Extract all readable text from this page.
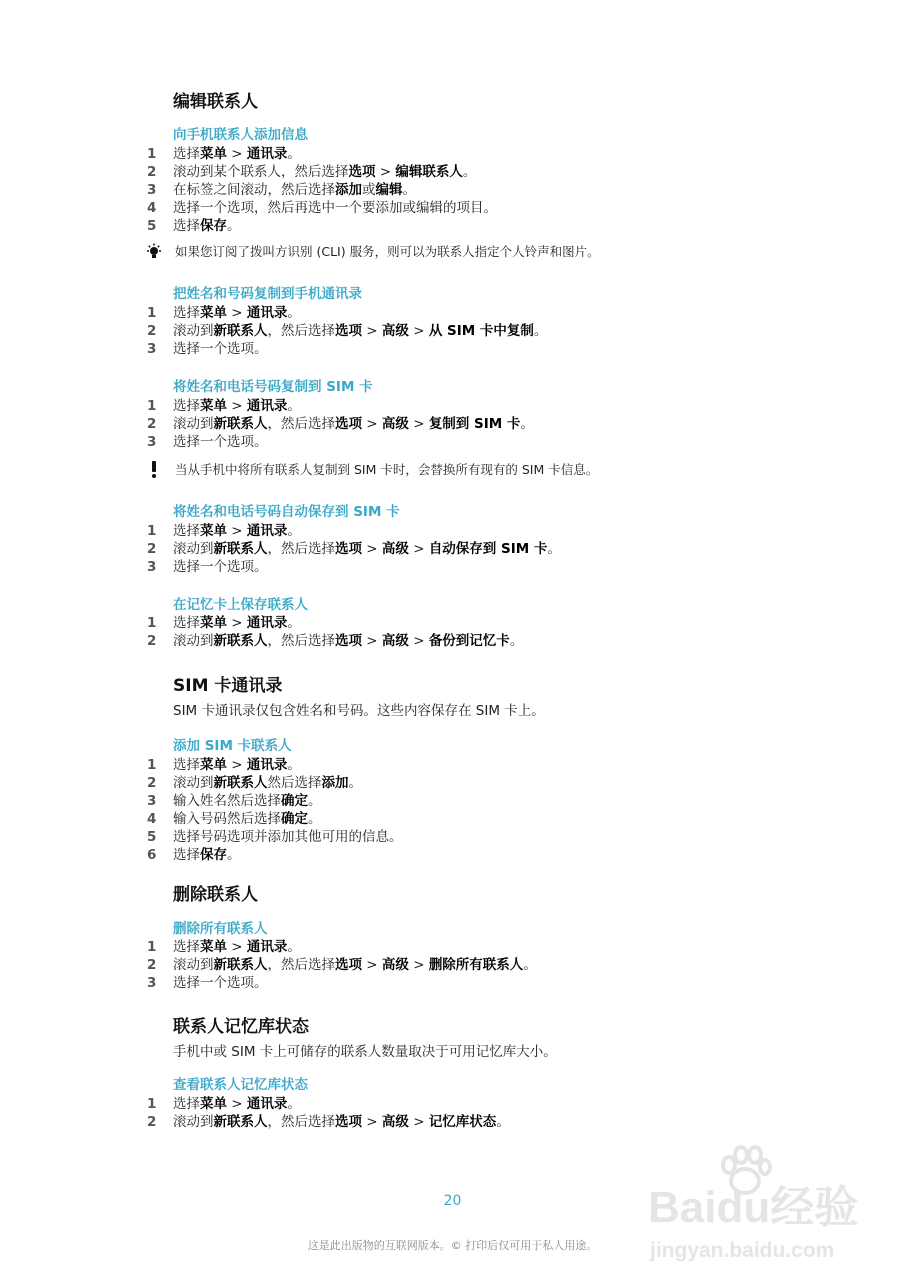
编辑联系人
向手机联系人添加信息
1	选择菜单 > 通讯录。
2	滚动到某个联系人，然后选择选项 > 编辑联系人。
3	在标签之间滚动，然后选择添加或编辑。
4	选择一个选项，然后再选中一个要添加或编辑的项目。
5	选择保存。
如果您订阅了拨叫方识别 (CLI) 服务，则可以为联系人指定个人铃声和图片。
把姓名和号码复制到手机通讯录
1	选择菜单 > 通讯录。
2	滚动到新联系人，然后选择选项 > 高级 > 从 SIM 卡中复制。
3	选择一个选项。
将姓名和电话号码复制到 SIM 卡
1	选择菜单 > 通讯录。
2	滚动到新联系人，然后选择选项 > 高级 > 复制到 SIM 卡。
3	选择一个选项。
当从手机中将所有联系人复制到 SIM 卡时，会替换所有现有的 SIM 卡信息。
将姓名和电话号码自动保存到 SIM 卡
1	选择菜单 > 通讯录。
2	滚动到新联系人，然后选择选项 > 高级 > 自动保存到 SIM 卡。
3	选择一个选项。
在记忆卡上保存联系人
1	选择菜单 > 通讯录。
2	滚动到新联系人，然后选择选项 > 高级 > 备份到记忆卡。
SIM 卡通讯录
SIM 卡通讯录仅包含姓名和号码。这些内容保存在 SIM 卡上。
添加 SIM 卡联系人
1	选择菜单 > 通讯录。
2	滚动到新联系人然后选择添加。
3	输入姓名然后选择确定。
4	输入号码然后选择确定。
5	选择号码选项并添加其他可用的信息。
6	选择保存。
删除联系人
删除所有联系人
1	选择菜单 > 通讯录。
2	滚动到新联系人，然后选择选项 > 高级 > 删除所有联系人。
3	选择一个选项。
联系人记忆库状态
手机中或 SIM 卡上可储存的联系人数量取决于可用记忆库大小。
查看联系人记忆库状态
1	选择菜单 > 通讯录。
2	滚动到新联系人，然后选择选项 > 高级 > 记忆库状态。
20
这是此出版物的互联网版本。© 打印后仅可用于私人用途。
Baidu经验
jingyan.baidu.com
